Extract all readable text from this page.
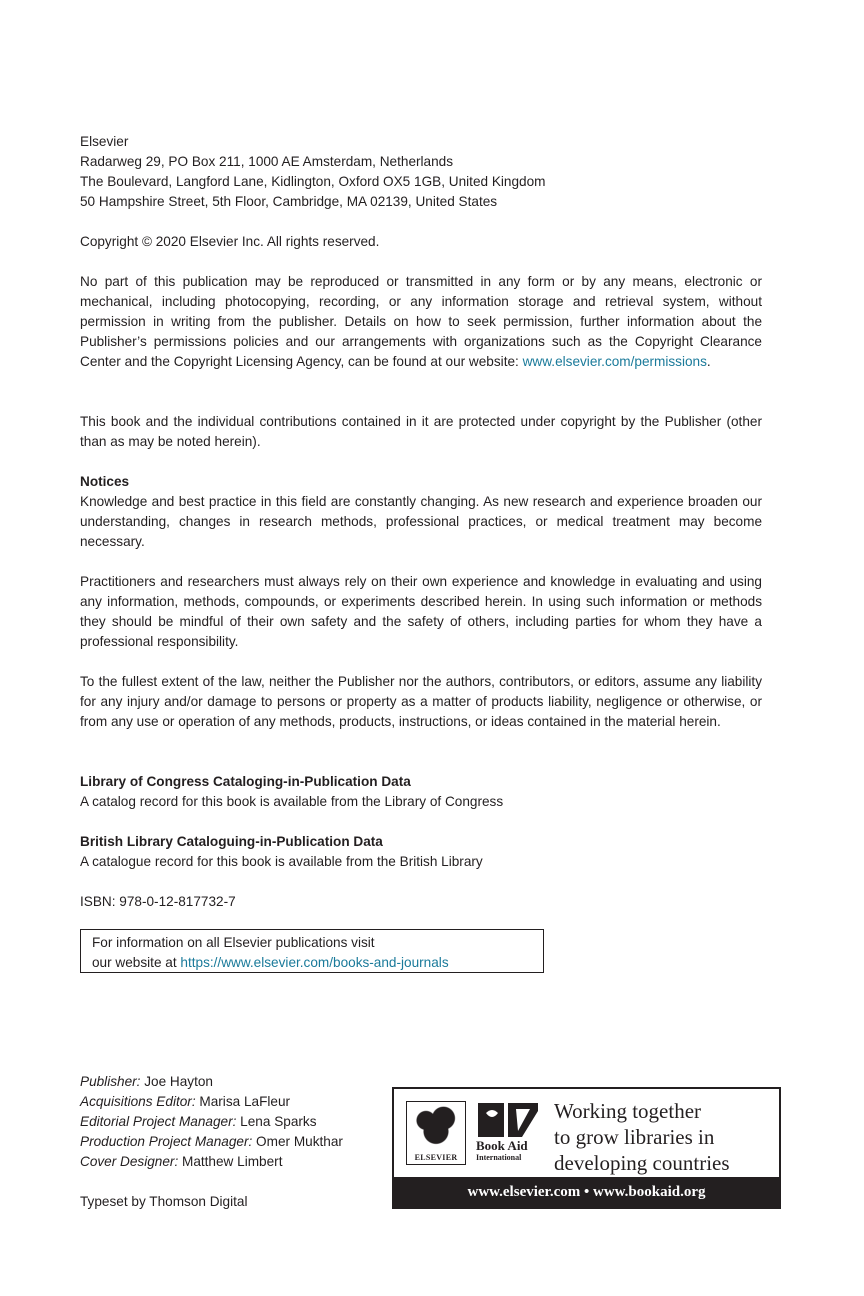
Elsevier

Radarweg 29, PO Box 211, 1000 AE Amsterdam, Netherlands

The Boulevard, Langford Lane, Kidlington, Oxford OX5 1GB, United Kingdom

50 Hampshire Street, 5th Floor, Cambridge, MA 02139, United States

Copyright © 2020 Elsevier Inc. All rights reserved.

No part of this publication may be reproduced or transmitted in any form or by any means, electronic or mechanical, including photocopying, recording, or any information storage and retrieval system, without permission in writing from the publisher. Details on how to seek permission, further information about the Publisher’s permissions policies and our arrangements with organizations such as the Copyright Clearance Center and the Copyright Licensing Agency, can be found at our website: www.elsevier.com/permissions.

This book and the individual contributions contained in it are protected under copyright by the Publisher (other than as may be noted herein).

Notices

Knowledge and best practice in this field are constantly changing. As new research and experience broaden our understanding, changes in research methods, professional practices, or medical treatment may become necessary.

Practitioners and researchers must always rely on their own experience and knowledge in evaluating and using any information, methods, compounds, or experiments described herein. In using such information or methods they should be mindful of their own safety and the safety of others, including parties for whom they have a professional responsibility.

To the fullest extent of the law, neither the Publisher nor the authors, contributors, or editors, assume any liability for any injury and/or damage to persons or property as a matter of products liability, negligence or otherwise, or from any use or operation of any methods, products, instructions, or ideas contained in the material herein.

Library of Congress Cataloging-in-Publication Data

A catalog record for this book is available from the Library of Congress

British Library Cataloguing-in-Publication Data

A catalogue record for this book is available from the British Library

ISBN: 978-0-12-817732-7

For information on all Elsevier publications visit
our website at https://www.elsevier.com/books-and-journals
Publisher: Joe Hayton
Acquisitions Editor: Marisa LaFleur
Editorial Project Manager: Lena Sparks
Production Project Manager: Omer Mukthar
Cover Designer: Matthew Limbert
Typeset by Thomson Digital
ELSEVIER
Book Aid
International
Working together
to grow libraries in
developing countries
www.elsevier.com • www.bookaid.org
